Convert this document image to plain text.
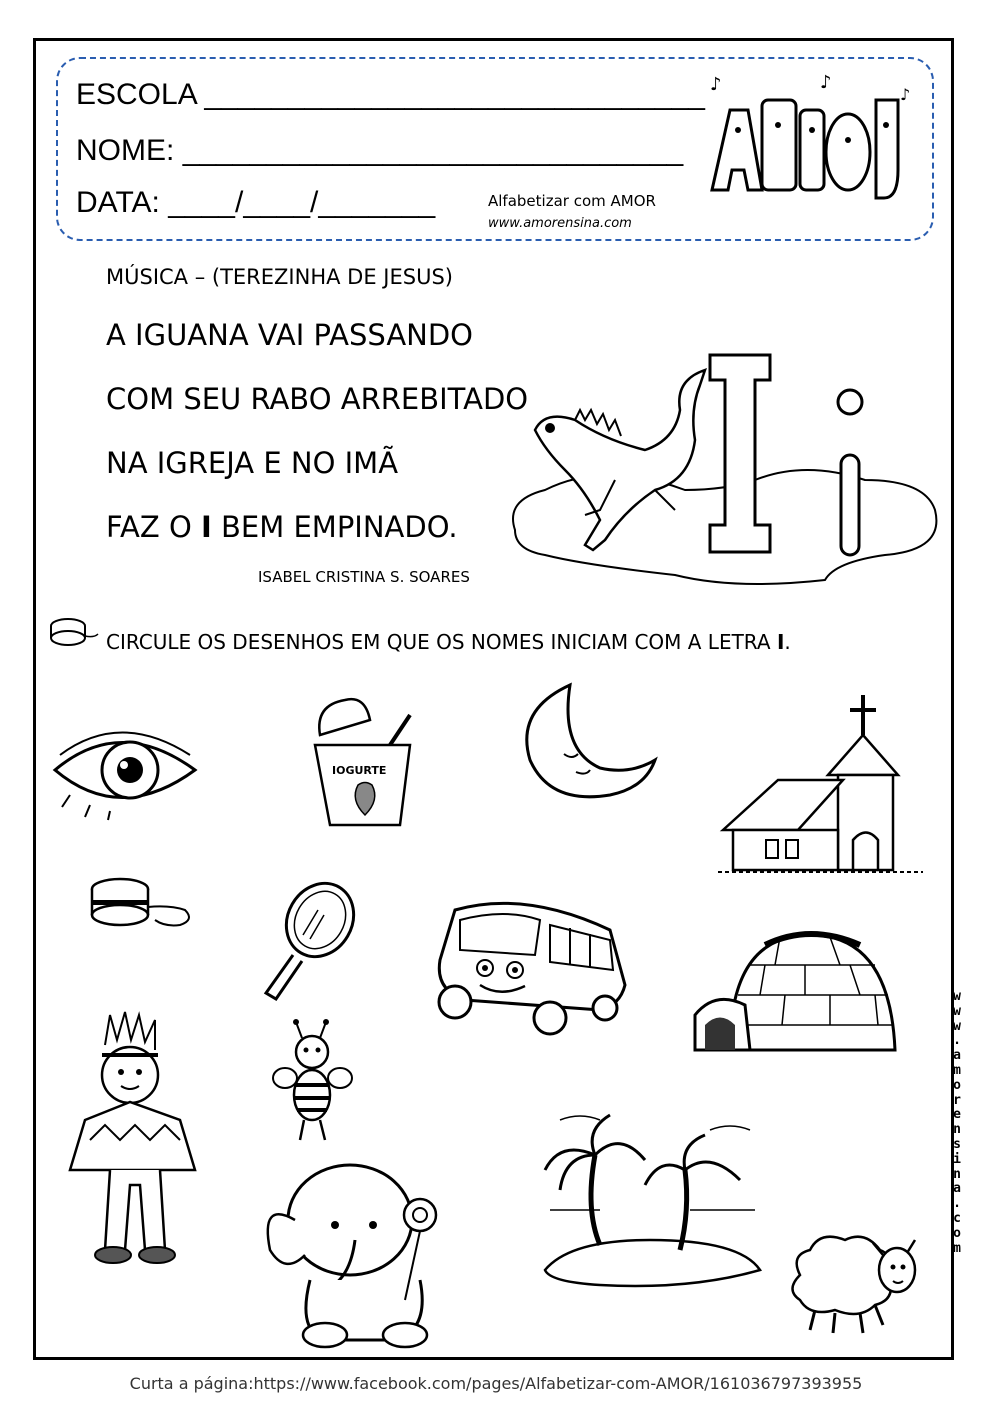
ESCOLA ______________________________
NOME: ______________________________
DATA: ____/____/_______	Alfabetizar com AMOR
www.amorensina.com
♪	♪
♪
MÚSICA – (TEREZINHA DE JESUS)
A IGUANA VAI PASSANDO
COM SEU RABO ARREBITADO
NA IGREJA E NO IMÃ
FAZ O I BEM EMPINADO.
ISABEL CRISTINA S. SOARES
CIRCULE OS DESENHOS EM QUE OS NOMES INICIAM COM A LETRA I.
IOGURTE
w
w
w
.
a
m
o
r
e
n
s
i
n
a
.
c
o
m
Curta a página:https://www.facebook.com/pages/Alfabetizar-com-AMOR/161036797393955
